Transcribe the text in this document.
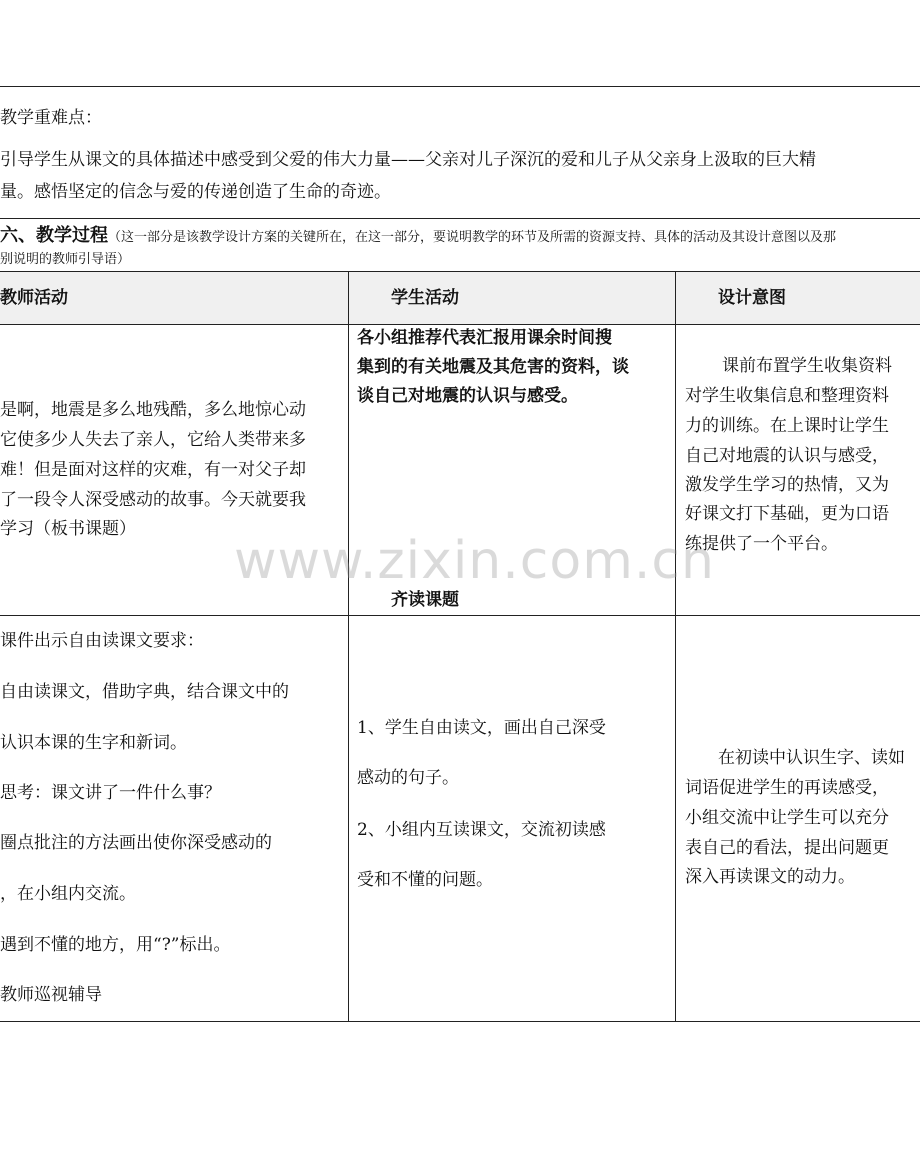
教学重难点：
引导学生从课文的具体描述中感受到父爱的伟大力量——父亲对儿子深沉的爱和儿子从父亲身上汲取的巨大精
量。感悟坚定的信念与爱的传递创造了生命的奇迹。
六、教学过程（这一部分是该教学设计方案的关键所在，在这一部分，要说明教学的环节及所需的资源支持、具体的活动及其设计意图以及那
别说明的教师引导语）
教师活动	学生活动	设计意图
是啊，地震是多么地残酷，多么地惊心动
它使多少人失去了亲人，它给人类带来多
难！但是面对这样的灾难，有一对父子却
了一段令人深受感动的故事。今天就要我
学习（板书课题）
各小组推荐代表汇报用课余时间搜
集到的有关地震及其危害的资料，谈
谈自己对地震的认识与感受。
齐读课题
课前布置学生收集资料
对学生收集信息和整理资料
力的训练。在上课时让学生
自己对地震的认识与感受，
激发学生学习的热情，又为
好课文打下基础，更为口语
练提供了一个平台。
www.zixin.com.cn
课件出示自由读课文要求：
自由读课文，借助字典，结合课文中的
认识本课的生字和新词。
思考：课文讲了一件什么事？
圈点批注的方法画出使你深受感动的
，在小组内交流。
遇到不懂的地方，用“?”标出。
教师巡视辅导
1、学生自由读文，画出自己深受
感动的句子。
2、小组内互读课文，交流初读感
受和不懂的问题。
在初读中认识生字、读如
词语促进学生的再读感受，
小组交流中让学生可以充分
表自己的看法，提出问题更
深入再读课文的动力。
